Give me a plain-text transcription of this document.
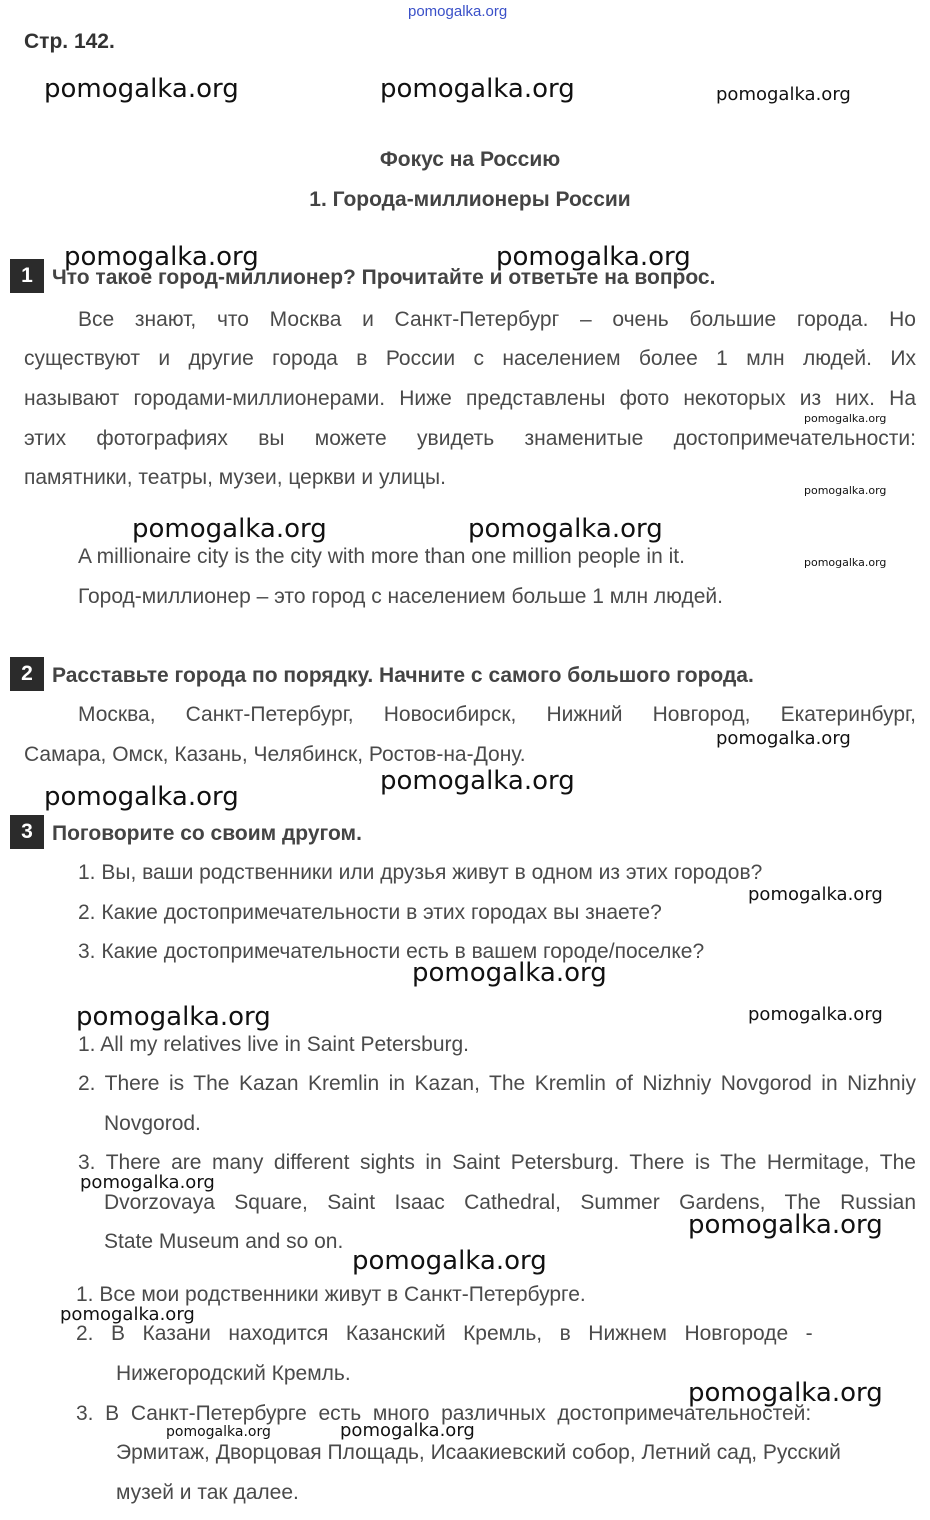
pomogalka.org
Стр. 142.
pomogalka.org	pomogalka.org	pomogalka.org
Фокус на Россию
1. Города-миллионеры России
pomogalka.org	pomogalka.org
1 Что такое город-миллионер? Прочитайте и ответьте на вопрос.
Все знают, что Москва и Санкт-Петербург – очень большие города. Но
существуют и другие города в России с населением более 1 млн людей. Их
называют городами-миллионерами. Ниже представлены фото некоторых из них. На
pomogalka.org
этих фотографиях вы можете увидеть знаменитые достопримечательности:
памятники, театры, музеи, церкви и улицы.
pomogalka.org
pomogalka.org	pomogalka.org
A millionaire city is the city with more than one million people in it.	pomogalka.org
Город-миллионер – это город с населением больше 1 млн людей.
2 Расставьте города по порядку. Начните с самого большого города.
Москва, Санкт-Петербург, Новосибирск, Нижний Новгород, Екатеринбург,
pomogalka.org
Самара, Омск, Казань, Челябинск, Ростов-на-Дону.
pomogalka.org
pomogalka.org
3 Поговорите со своим другом.
1. Вы, ваши родственники или друзья живут в одном из этих городов?
pomogalka.org
2. Какие достопримечательности в этих городах вы знаете?
3. Какие достопримечательности есть в вашем городе/поселке?
pomogalka.org
pomogalka.org	pomogalka.org
1. All my relatives live in Saint Petersburg.
2. There is The Kazan Kremlin in Kazan, The Kremlin of Nizhniy Novgorod in Nizhniy
Novgorod.
3. There are many different sights in Saint Petersburg. There is The Hermitage, The
pomogalka.org
Dvorzovaya Square, Saint Isaac Cathedral, Summer Gardens, The Russian
pomogalka.org
State Museum and so on.
pomogalka.org
1. Все мои родственники живут в Санкт-Петербурге.
pomogalka.org
2.   В   Казани   находится   Казанский   Кремль,   в   Нижнем   Новгороде   -
Нижегородский Кремль.
pomogalka.org
3.  В  Санкт-Петербурге  есть  много  различных  достопримечательностей:
pomogalka.org	pomogalka.org
Эрмитаж, Дворцовая Площадь, Исаакиевский собор, Летний сад, Русский
музей и так далее.
